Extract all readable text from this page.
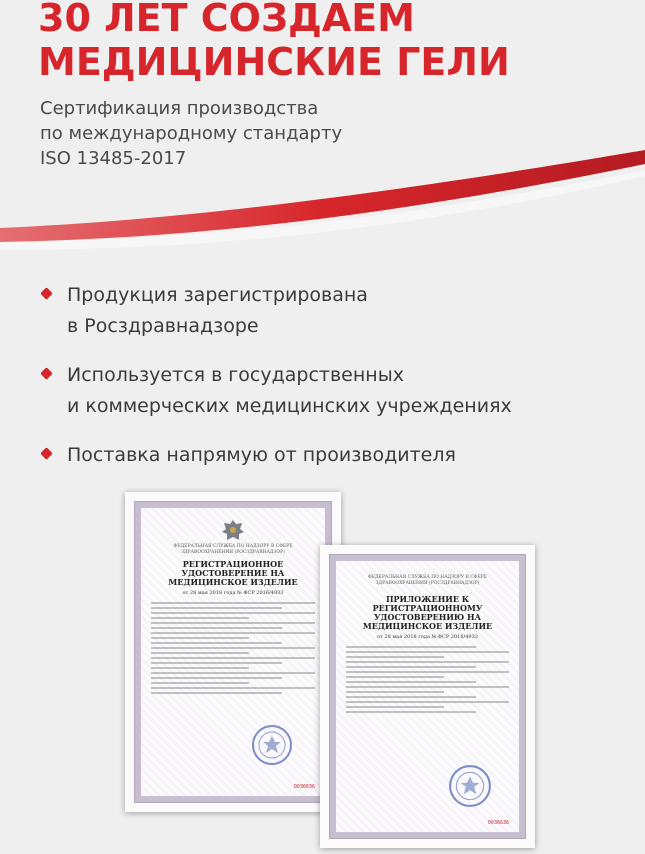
30 ЛЕТ СОЗДАЕМ
МЕДИЦИНСКИЕ ГЕЛИ
Сертификация производства
по международному стандарту
ISO 13485-2017
Продукция зарегистрирована
в Росздравнадзоре
Используется в государственных
и коммерческих медицинских учреждениях
Поставка напрямую от производителя
ФЕДЕРАЛЬНАЯ СЛУЖБА ПО НАДЗОРУ В СФЕРЕ ЗДРАВООХРАНЕНИЯ (РОСЗДРАВНАДЗОР)
РЕГИСТРАЦИОННОЕ УДОСТОВЕРЕНИЕ НА МЕДИЦИНСКОЕ ИЗДЕЛИЕ
от 28 мая 2018 года № ФСР 2016/4933
0036636
ФЕДЕРАЛЬНАЯ СЛУЖБА ПО НАДЗОРУ В СФЕРЕ ЗДРАВООХРАНЕНИЯ (РОСЗДРАВНАДЗОР)
ПРИЛОЖЕНИЕ К РЕГИСТРАЦИОННОМУ УДОСТОВЕРЕНИЮ НА МЕДИЦИНСКОЕ ИЗДЕЛИЕ
от 28 мая 2018 года № ФСР 2016/4933
0036636
